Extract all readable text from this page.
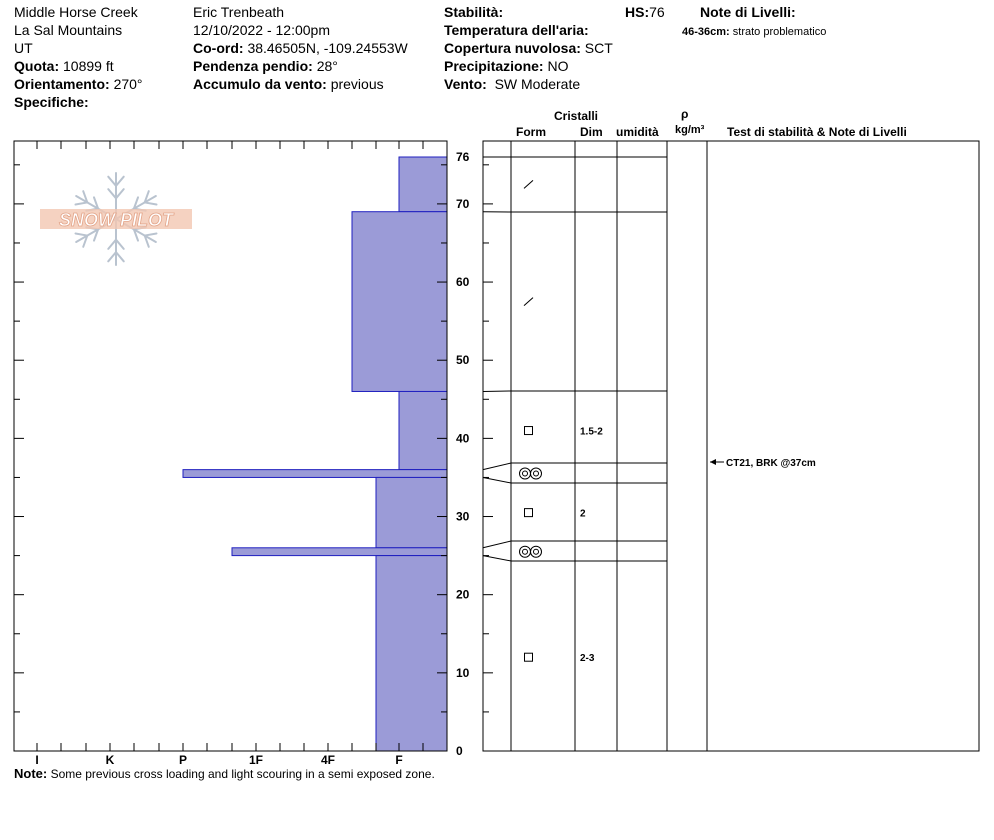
Middle Horse Creek
La Sal Mountains
UT
Quota: 10899 ft
Orientamento: 270°
Specifiche:
Eric Trenbeath
12/10/2022 - 12:00pm
Co-ord: 38.46505N, -109.24553W
Pendenza pendio: 28°
Accumulo da vento: previous
Stabilità:
Temperatura dell'aria:
Copertura nuvolosa: SCT
Precipitazione: NO
Vento: SW Moderate
HS:76	Note di Livelli:
46-36cm: strato problematico
Cristalli
Form	Dim umidità
ρ
kg/m³ Test di stabilità & Note di Livelli
Note: Some previous cross loading and light scouring in a semi exposed zone.
SNOW PILOT
I	K	P	1F	4F	F
0
10
20
30
40
50
60
70
76
1.5-2
2
2-3
CT21, BRK @37cm
